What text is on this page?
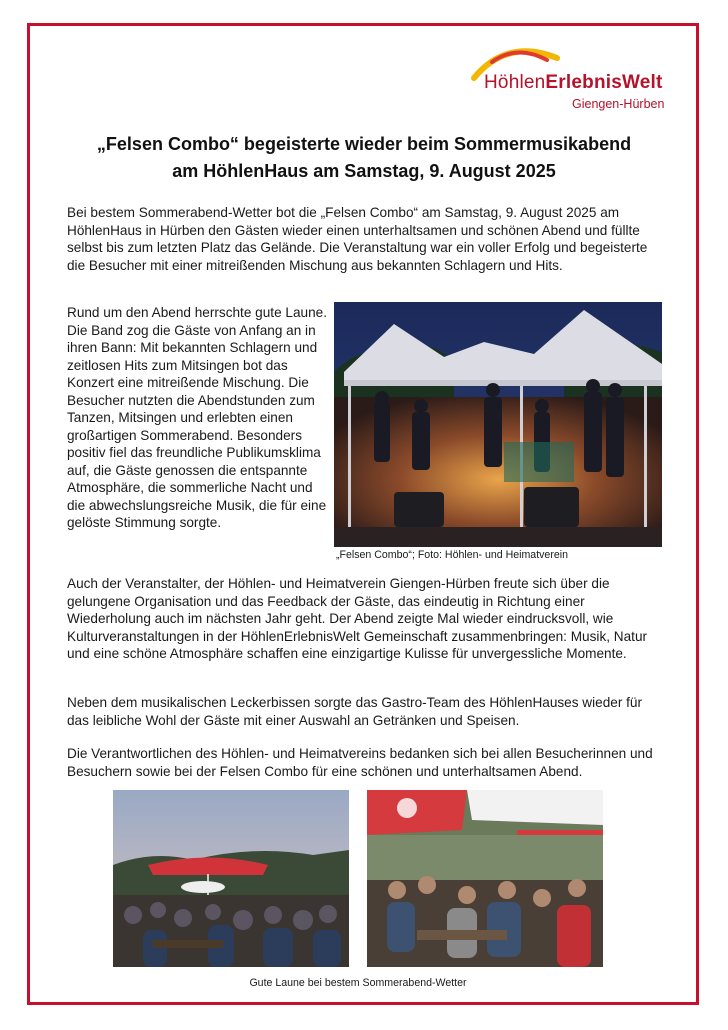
HöhlenErlebnisWelt
Giengen-Hürben
„Felsen Combo“ begeisterte wieder beim Sommermusikabend
am HöhlenHaus am Samstag, 9. August 2025

Bei bestem Sommerabend-Wetter bot die „Felsen Combo“ am Samstag, 9. August 2025 am HöhlenHaus in Hürben den Gästen wieder einen unterhaltsamen und schönen Abend und füllte selbst bis zum letzten Platz das Gelände. Die Veranstaltung war ein voller Erfolg und begeisterte die Besucher mit einer mitreißenden Mischung aus bekannten Schlagern und Hits.

Rund um den Abend herrschte gute Laune. Die Band zog die Gäste von Anfang an in ihren Bann: Mit bekannten Schlagern und zeitlosen Hits zum Mitsingen bot das Konzert eine mitreißende Mischung. Die Besucher nutzten die Abendstunden zum Tanzen, Mitsingen und erlebten einen großartigen Sommerabend. Besonders positiv fiel das freundliche Publikumsklima auf, die Gäste genossen die entspannte Atmosphäre, die sommerliche Nacht und die abwechslungsreiche Musik, die für eine gelöste Stimmung sorgte.

„Felsen Combo“; Foto: Höhlen- und Heimatverein

Auch der Veranstalter, der Höhlen- und Heimatverein Giengen-Hürben freute sich über die gelungene Organisation und das Feedback der Gäste, das eindeutig in Richtung einer Wiederholung auch im nächsten Jahr geht. Der Abend zeigte Mal wieder eindrucksvoll, wie Kulturveranstaltungen in der HöhlenErlebnisWelt Gemeinschaft zusammenbringen: Musik, Natur und eine schöne Atmosphäre schaffen eine einzigartige Kulisse für unvergessliche Momente.

Neben dem musikalischen Leckerbissen sorgte das Gastro-Team des HöhlenHauses wieder für das leibliche Wohl der Gäste mit einer Auswahl an Getränken und Speisen.

Die Verantwortlichen des Höhlen- und Heimatvereins bedanken sich bei allen Besucherinnen und Besuchern sowie bei der Felsen Combo für eine schönen und unterhaltsamen Abend.

Gute Laune bei bestem Sommerabend-Wetter
